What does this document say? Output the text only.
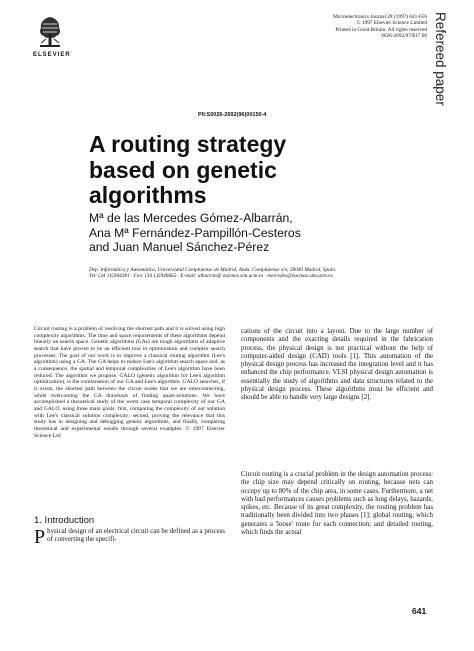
ELSEVIER
Microelectronics Journal 28 (1997) 641-656
© 1997 Elsevier Science Limited
Printed in Great Britain. All rights reserved
0026-2692/97/$17.00 Refereed paper
PII:S0026-2692(96)00150-4
A routing strategy
based on genetic
algorithms
Mª de las Mercedes Gómez-Albarrán,
Ana Mª Fernández-Pampillón-Cesteros
and Juan Manuel Sánchez-Pérez
Dep. Informática y Automática, Universidad Complutense de Madrid, Avda. Complutense s/n, 28040 Madrid, Spain. Tel: (34 1)5944381 · Fax: (34 1)5946662 · E-mail: albarran@ eucmos.sim.ucm.es · mercedes@eucmax.sim.ucm.es
Circuit routing is a problem of resolving the shortest path and it is solved using high complexity algorithms. The time and space requirements of these algorithms depend linearly on search space. Genetic algorithms (GAs) are tough algorithms of adaptive search that have proven to be an efficient tool in optimization and complex search processes. The goal of our work is to improve a classical routing algorithm (Lee's algorithm) using a GA. The GA helps to reduce Lee's algorithm search space and, as a consequence, the spatial and temporal complexities of Lee's algorithm have been reduced. The algorithm we propose, GALO (genetic algorithm for Lee's algorithm optimization), is the combination of our GA and Lee's algorithm. GALO searches, if it exists, the shortest path between the circuit nodes that we are interconnecting, while overcoming the GA drawback of finding quasi-solutions. We have accomplished a theoretical study of the worst case temporal complexity of our GA and GALO, using three main goals: first, comparing the complexity of our solution with Lee's classical solution complexity; second, proving the relevance that this study has in designing and debugging genetic algorithms, and finally, comparing theoretical and experimental results through several examples. © 1997 Elsevier Science Ltd
1. Introduction
Physical design of an electrical circuit can be defined as a process of converting the specifi-
cations of the circuit into a layout. Due to the large number of components and the exacting details required in the fabrication process, the physical design is not practical without the help of computer-aided design (CAD) tools [1]. This automation of the physical design process has increased the integration level and it has enhanced the chip performance. VLSI physical design automation is essentially the study of algorithms and data structures related to the physical design process. These algorithms must be efficient and should be able to handle very large designs [2].
Circuit routing is a crucial problem in the design automation process: the chip size may depend critically on routing, because nets can occupy up to 80% of the chip area, in some cases. Furthermore, a net with bad performances causes problems such as long delays, hazards, spikes, etc. Because of its great complexity, the routing problem has traditionally been divided into two phases [1]: global routing, which generates a 'loose' route for each connection; and detailed routing, which finds the actual
641
